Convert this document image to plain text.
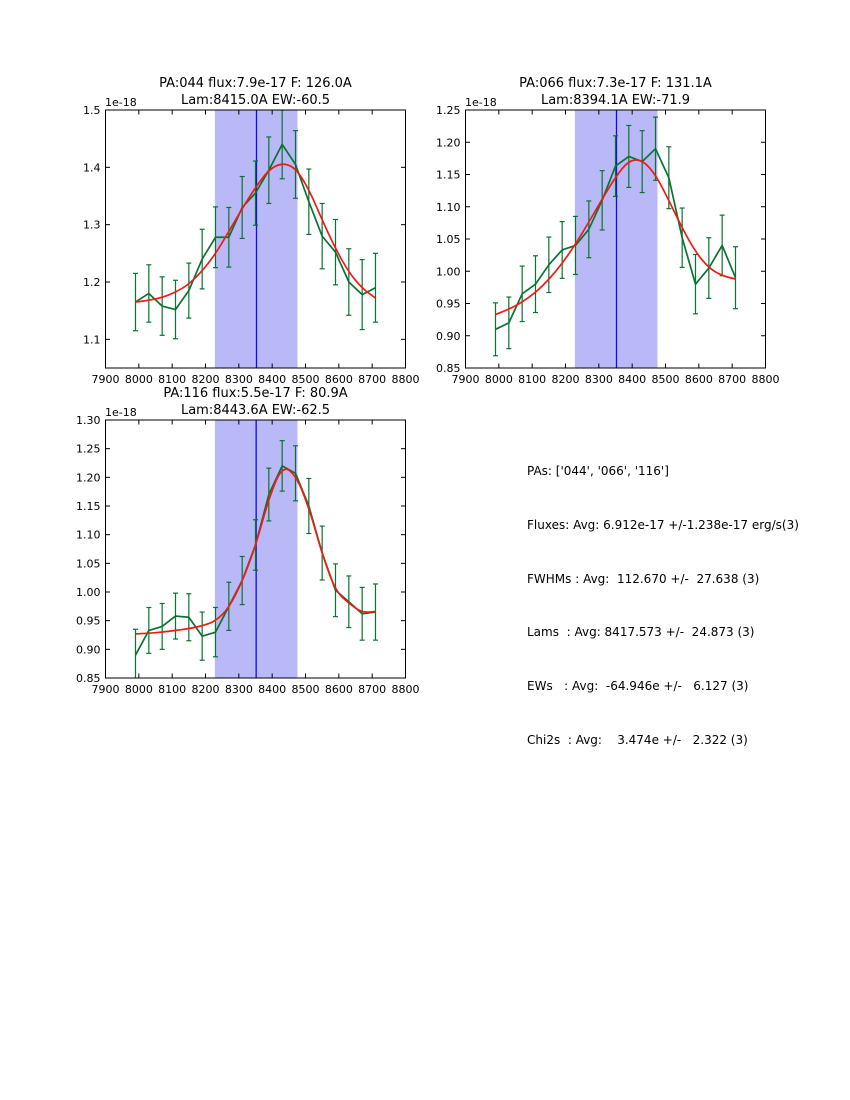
7900 8000 8100 8200 8300 8400 8500 8600 8700 8800
1.1
1.2
1.3
1.4
1.5
PA:044 flux:7.9e-17 F: 126.0A
Lam:8415.0A EW:-60.5
1e-18
7900 8000 8100 8200 8300 8400 8500 8600 8700 8800
0.85
0.90
0.95
1.00
1.05
1.10
1.15
1.20
1.25
PA:066 flux:7.3e-17 F: 131.1A
Lam:8394.1A EW:-71.9
1e-18
7900 8000 8100 8200 8300 8400 8500 8600 8700 8800
0.85
0.90
0.95
1.00
1.05
1.10
1.15
1.20
1.25
1.30
PA:116 flux:5.5e-17 F: 80.9A
Lam:8443.6A EW:-62.5
1e-18

PAs: ['044', '066', '116']

Fluxes: Avg: 6.912e-17 +/-1.238e-17 erg/s(3)

FWHMs : Avg:  112.670 +/-  27.638 (3)

Lams  : Avg: 8417.573 +/-  24.873 (3)

EWs   : Avg:  -64.946e +/-   6.127 (3)

Chi2s  : Avg:    3.474e +/-   2.322 (3)
